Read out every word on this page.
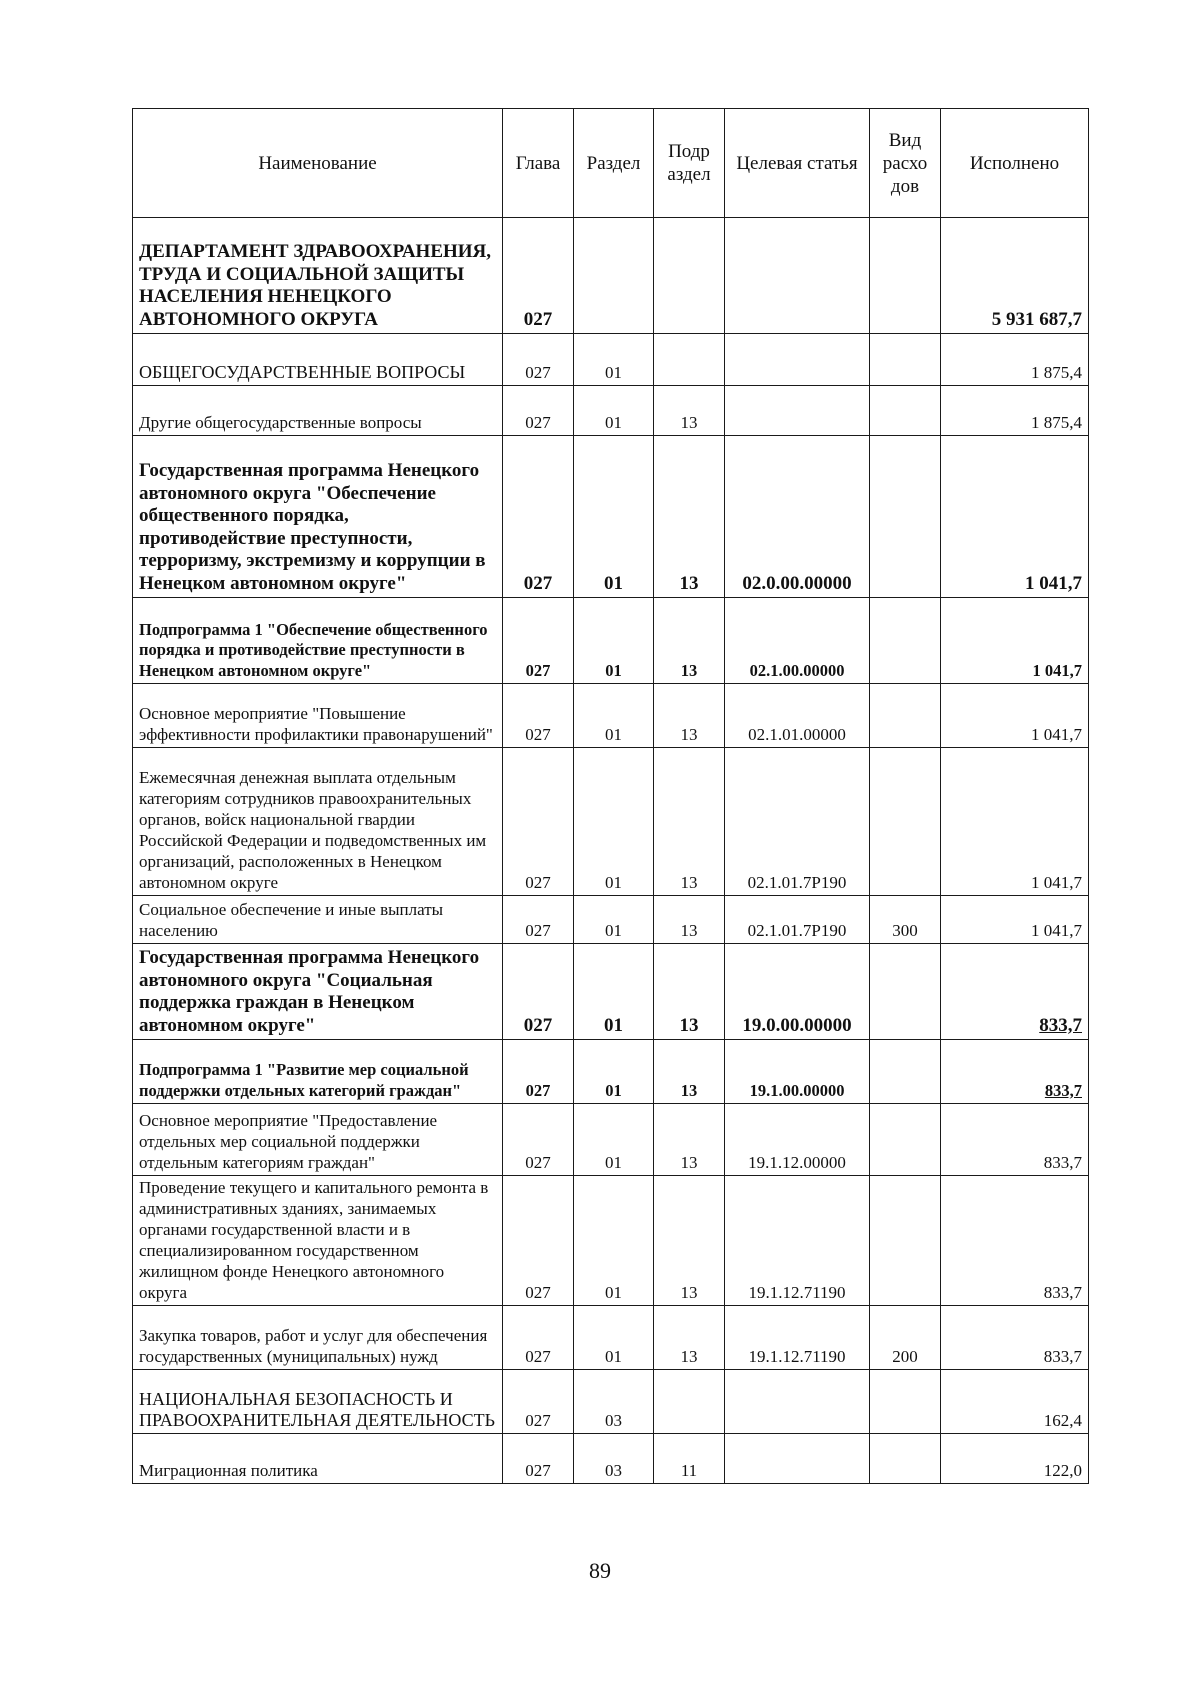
Наименование	Глава	Раздел	Подр аздел	Целевая статья	Вид расхо дов	Исполнено
ДЕПАРТАМЕНТ ЗДРАВООХРАНЕНИЯ, ТРУДА И СОЦИАЛЬНОЙ ЗАЩИТЫ НАСЕЛЕНИЯ НЕНЕЦКОГО АВТОНОМНОГО ОКРУГА	027					5 931 687,7
ОБЩЕГОСУДАРСТВЕННЫЕ ВОПРОСЫ	027	01				1 875,4
Другие общегосударственные вопросы	027	01	13			1 875,4
Государственная программа Ненецкого автономного округа "Обеспечение общественного порядка, противодействие преступности, терроризму, экстремизму и коррупции в Ненецком автономном округе"	027	01	13	02.0.00.00000		1 041,7
Подпрограмма 1 "Обеспечение общественного порядка и противодействие преступности в Ненецком автономном округе"	027	01	13	02.1.00.00000		1 041,7
Основное мероприятие "Повышение эффективности профилактики правонарушений"	027	01	13	02.1.01.00000		1 041,7
Ежемесячная денежная выплата отдельным категориям сотрудников правоохранительных органов, войск национальной гвардии Российской Федерации и подведомственных им организаций, расположенных в Ненецком автономном округе	027	01	13	02.1.01.7Р190		1 041,7
Социальное обеспечение и иные выплаты населению	027	01	13	02.1.01.7Р190	300	1 041,7
Государственная программа Ненецкого автономного округа "Социальная поддержка граждан в Ненецком автономном округе"	027	01	13	19.0.00.00000		833,7
Подпрограмма 1 "Развитие мер социальной поддержки отдельных категорий граждан"	027	01	13	19.1.00.00000		833,7
Основное мероприятие "Предоставление отдельных мер социальной поддержки отдельным категориям граждан"	027	01	13	19.1.12.00000		833,7
Проведение текущего и капитального ремонта в административных зданиях, занимаемых органами государственной власти и в специализированном государственном жилищном фонде Ненецкого автономного округа	027	01	13	19.1.12.71190		833,7
Закупка товаров, работ и услуг для обеспечения государственных (муниципальных) нужд	027	01	13	19.1.12.71190	200	833,7
НАЦИОНАЛЬНАЯ БЕЗОПАСНОСТЬ И ПРАВООХРАНИТЕЛЬНАЯ ДЕЯТЕЛЬНОСТЬ	027	03				162,4
Миграционная политика	027	03	11			122,0
89
